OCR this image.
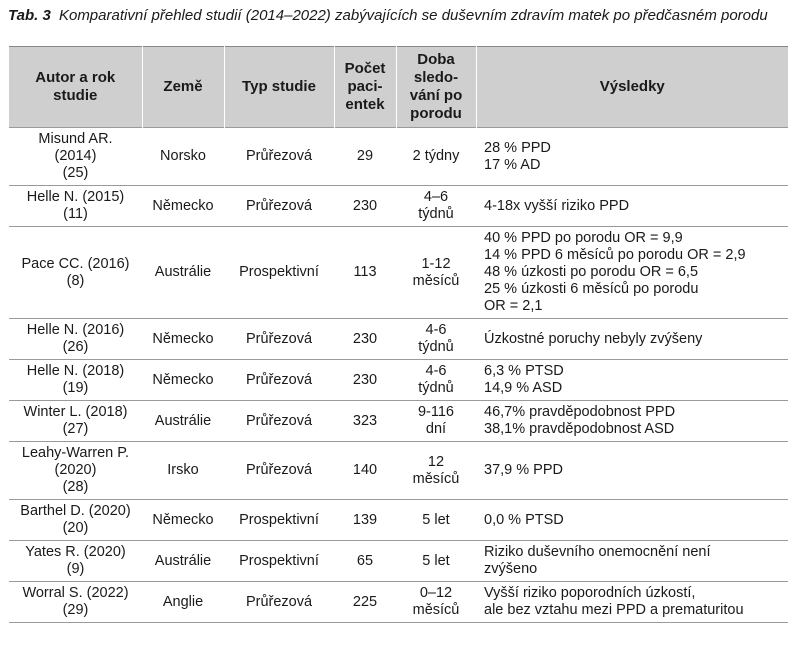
Tab. 3 Komparativní přehled studií (2014–2022) zabývajících se duševním zdravím matek po předčasném porodu
Autor a rok
studie	Země	Typ studie	Počet
paci-
entek	Doba
sledo-
vání po
porodu	Výsledky

Misund AR.
(2014)
(25)	Norsko	Průřezová	29	2 týdny	28 % PPD
17 % AD

Helle N. (2015)
(11)	Německo	Průřezová	230	4–6
týdnů	4-18x vyšší riziko PPD

Pace CC. (2016)
(8)	Austrálie	Prospektivní	113	1-12
měsíců	40 % PPD po porodu OR = 9,9
14 % PPD 6 měsíců po porodu OR = 2,9
48 % úzkosti po porodu OR = 6,5
25 % úzkosti 6 měsíců po porodu
OR = 2,1

Helle N. (2016)
(26)	Německo	Průřezová	230	4-6
týdnů	Úzkostné poruchy nebyly zvýšeny

Helle N. (2018)
(19)	Německo	Průřezová	230	4-6
týdnů	6,3 % PTSD
14,9 % ASD

Winter L. (2018)
(27)	Austrálie	Průřezová	323	9-116
dní	46,7% pravděpodobnost PPD
38,1% pravděpodobnost ASD

Leahy-Warren P.
(2020)
(28)	Irsko	Průřezová	140	12
měsíců	37,9 % PPD

Barthel D. (2020)
(20)	Německo	Prospektivní	139	5 let	0,0 % PTSD

Yates R. (2020)
(9)	Austrálie	Prospektivní	65	5 let	Riziko duševního onemocnění není
zvýšeno

Worral S. (2022)
(29)	Anglie	Průřezová	225	0–12
měsíců	Vyšší riziko poporodních úzkostí,
ale bez vztahu mezi PPD a prematuritou
